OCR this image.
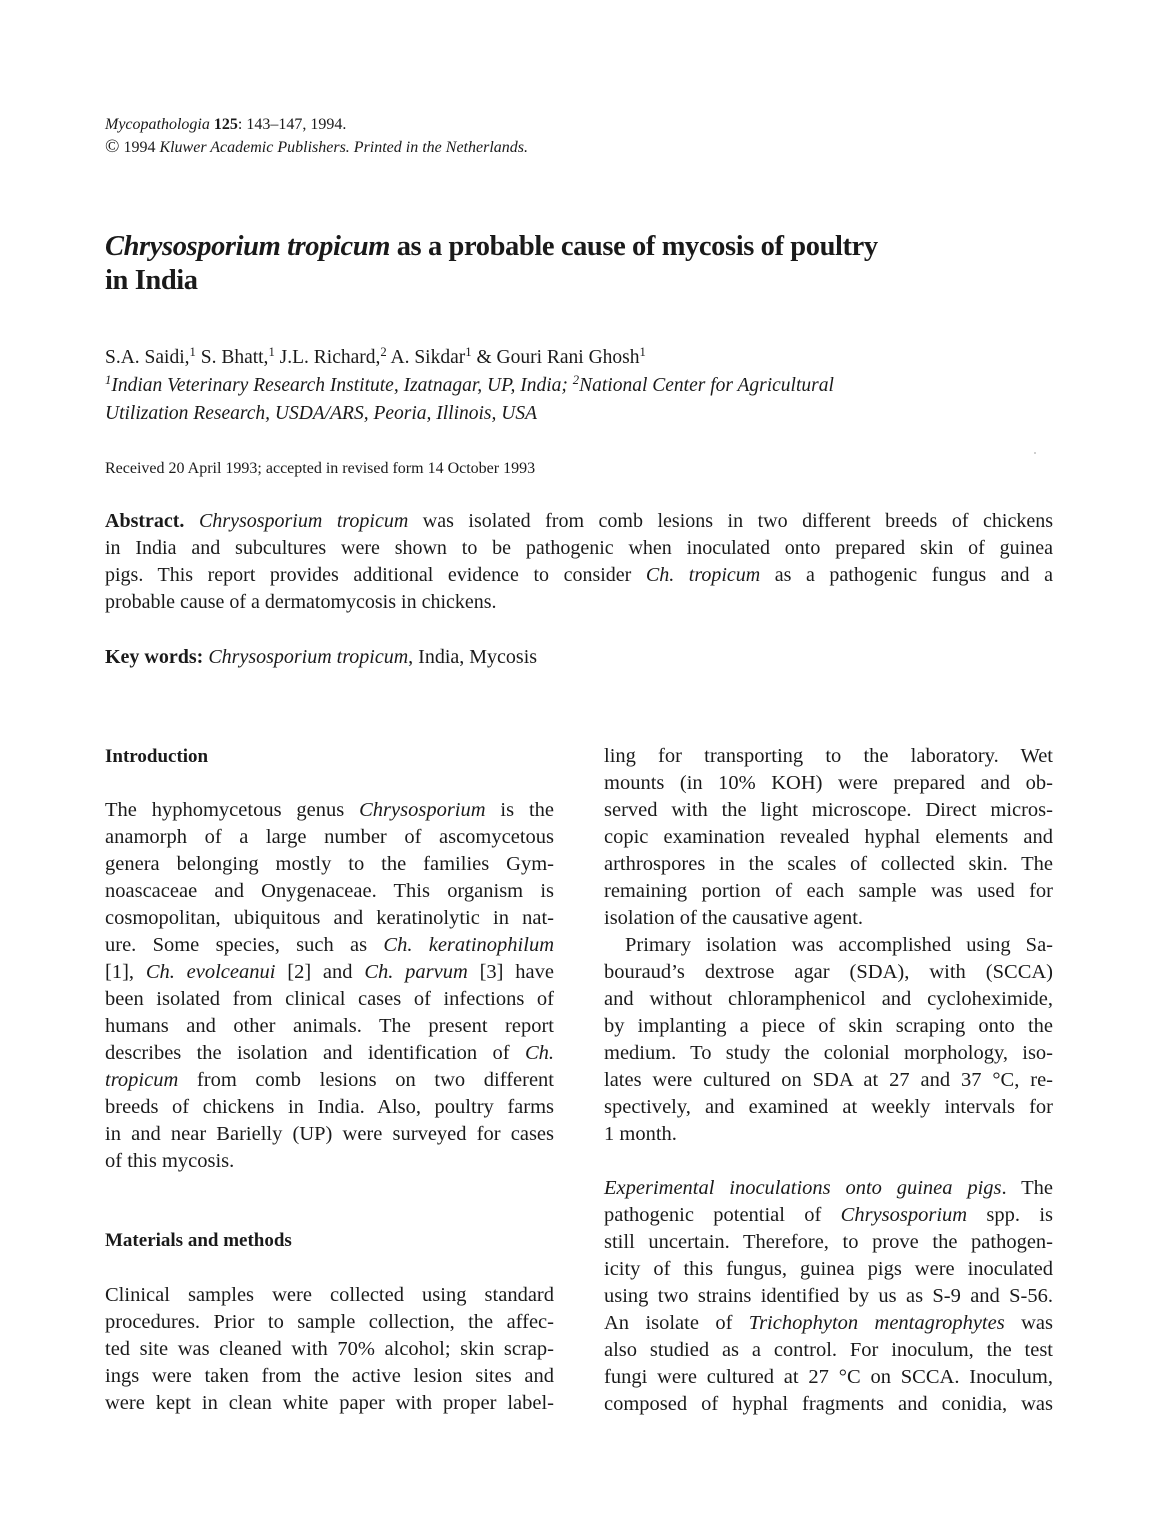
Mycopathologia 125: 143–147, 1994.
© 1994 Kluwer Academic Publishers. Printed in the Netherlands.
Chrysosporium tropicum as a probable cause of mycosis of poultry
in India
S.A. Saidi,$^1$ S. Bhatt,$^1$ J.L. Richard,$^2$ A. Sikdar$^1$ & Gouri Rani Ghosh$^1$
$^1$Indian Veterinary Research Institute, Izatnagar, UP, India; $^2$National Center for Agricultural
Utilization Research, USDA/ARS, Peoria, Illinois, USA
Received 20 April 1993; accepted in revised form 14 October 1993
Abstract. Chrysosporium tropicum was isolated from comb lesions in two different breeds of chickens
in India and subcultures were shown to be pathogenic when inoculated onto prepared skin of guinea
pigs. This report provides additional evidence to consider Ch. tropicum as a pathogenic fungus and a
probable cause of a dermatomycosis in chickens.
Key words: Chrysosporium tropicum, India, Mycosis
Introduction
The hyphomycetous genus Chrysosporium is the
anamorph of a large number of ascomycetous
genera belonging mostly to the families Gym-
noascaceae and Onygenaceae. This organism is
cosmopolitan, ubiquitous and keratinolytic in nat-
ure. Some species, such as Ch. keratinophilum
[1], Ch. evolceanui [2] and Ch. parvum [3] have
been isolated from clinical cases of infections of
humans and other animals. The present report
describes the isolation and identification of Ch.
tropicum from comb lesions on two different
breeds of chickens in India. Also, poultry farms
in and near Barielly (UP) were surveyed for cases
of this mycosis.
Materials and methods
Clinical samples were collected using standard
procedures. Prior to sample collection, the affec-
ted site was cleaned with 70% alcohol; skin scrap-
ings were taken from the active lesion sites and
were kept in clean white paper with proper label-
ling for transporting to the laboratory. Wet
mounts (in 10% KOH) were prepared and ob-
served with the light microscope. Direct micros-
copic examination revealed hyphal elements and
arthrospores in the scales of collected skin. The
remaining portion of each sample was used for
isolation of the causative agent.
Primary isolation was accomplished using Sa-
bouraud’s dextrose agar (SDA), with (SCCA)
and without chloramphenicol and cycloheximide,
by implanting a piece of skin scraping onto the
medium. To study the colonial morphology, iso-
lates were cultured on SDA at 27 and 37 °C, re-
spectively, and examined at weekly intervals for
1 month.
Experimental inoculations onto guinea pigs. The
pathogenic potential of Chrysosporium spp. is
still uncertain. Therefore, to prove the pathogen-
icity of this fungus, guinea pigs were inoculated
using two strains identified by us as S-9 and S-56.
An isolate of Trichophyton mentagrophytes was
also studied as a control. For inoculum, the test
fungi were cultured at 27 °C on SCCA. Inoculum,
composed of hyphal fragments and conidia, was
